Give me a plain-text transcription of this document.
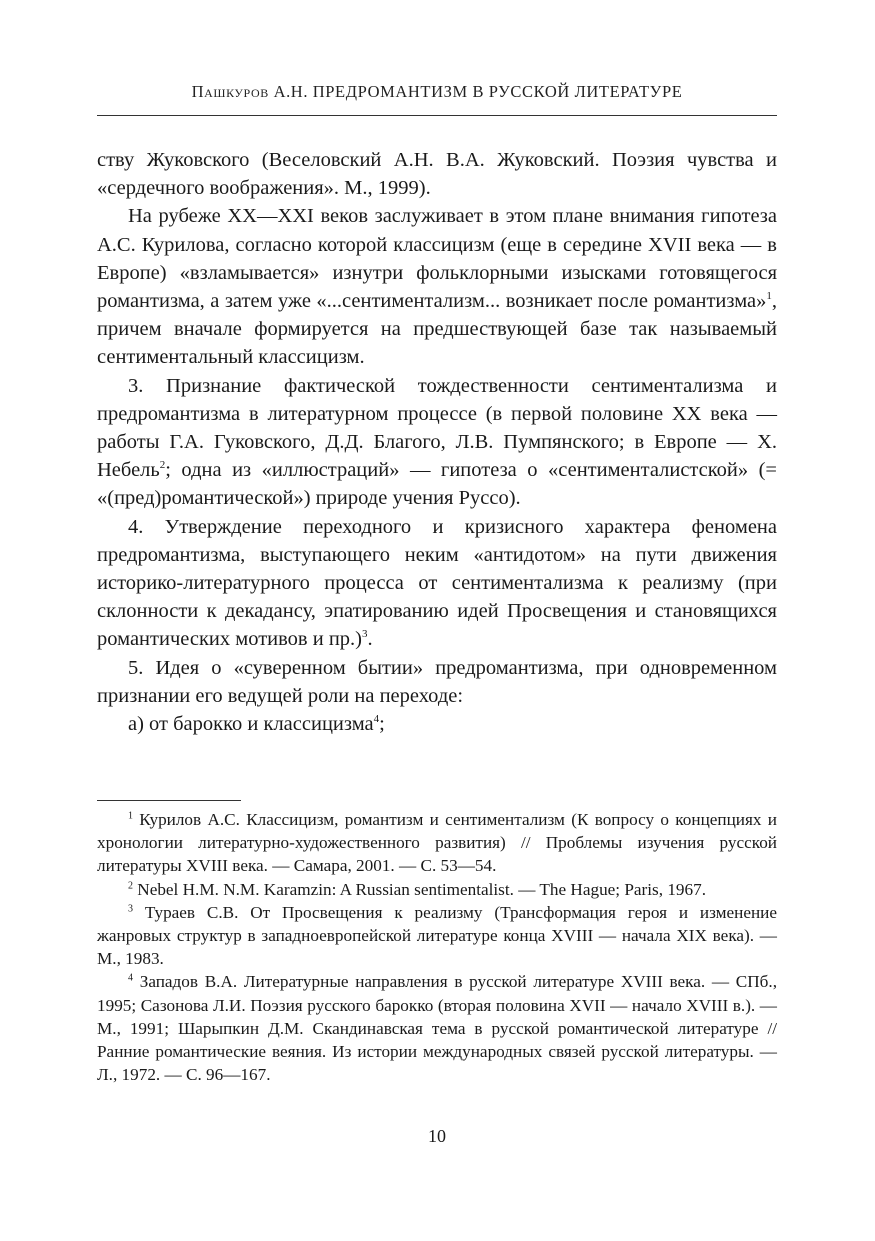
Пашкуров А.Н. ПРЕДРОМАНТИЗМ В РУССКОЙ ЛИТЕРАТУРЕ

ству Жуковского (Веселовский А.Н. В.А. Жуковский. Поэзия чувства и «сердечного воображения». М., 1999).

На рубеже XX—XXI веков заслуживает в этом плане внимания гипотеза А.С. Курилова, согласно которой классицизм (еще в середине XVII века — в Европе) «взламывается» изнутри фольклорными изысками готовящегося романтизма, а затем уже «...сентиментализм... возникает после романтизма»$^1$, причем вначале формируется на предшествующей базе так называемый сентиментальный классицизм.

3. Признание фактической тождественности сентиментализма и предромантизма в литературном процессе (в первой половине XX века — работы Г.А. Гуковского, Д.Д. Благого, Л.В. Пумпянского; в Европе — Х. Небель$^2$; одна из «иллюстраций» — гипотеза о «сентименталистской» (= «(пред)романтической») природе учения Руссо).

4. Утверждение переходного и кризисного характера феномена предромантизма, выступающего неким «антидотом» на пути движения историко-литературного процесса от сентиментализма к реализму (при склонности к декадансу, эпатированию идей Просвещения и становящихся романтических мотивов и пр.)$^3$.

5. Идея о «суверенном бытии» предромантизма, при одновременном признании его ведущей роли на переходе:

а) от барокко и классицизма$^4$;

$^1$ Курилов А.С. Классицизм, романтизм и сентиментализм (К вопросу о концепциях и хронологии литературно-художественного развития) // Проблемы изучения русской литературы XVIII века. — Самара, 2001. — С. 53—54.

$^2$ Nebel H.M. N.M. Karamzin: A Russian sentimentalist. — The Hague; Paris, 1967.

$^3$ Тураев С.В. От Просвещения к реализму (Трансформация героя и изменение жанровых структур в западноевропейской литературе конца XVIII — начала XIX века). — М., 1983.

$^4$ Западов В.А. Литературные направления в русской литературе XVIII века. — СПб., 1995; Сазонова Л.И. Поэзия русского барокко (вторая половина XVII — начало XVIII в.). — М., 1991; Шарыпкин Д.М. Скандинавская тема в русской романтической литературе // Ранние романтические веяния. Из истории международных связей русской литературы. — Л., 1972. — С. 96—167.

10
